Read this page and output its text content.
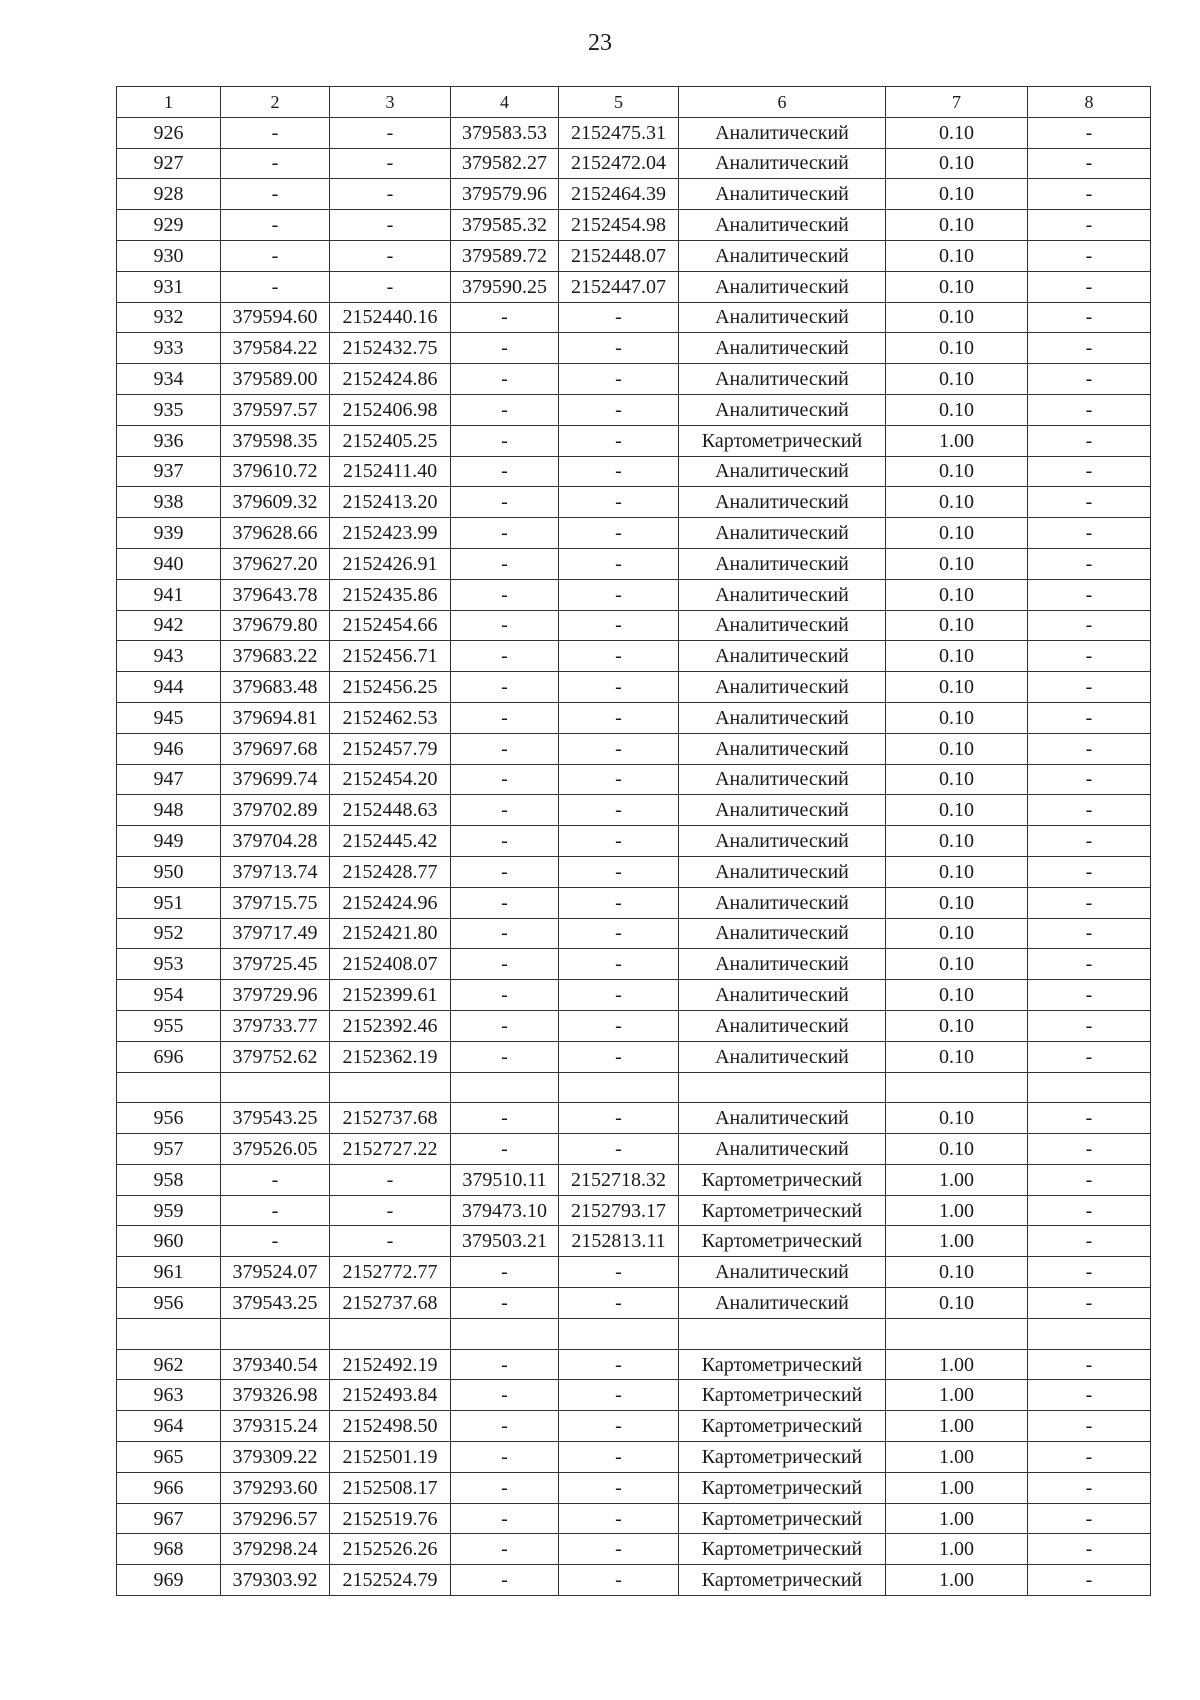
23
1	2	3	4	5	6	7	8
926	-	-	379583.53	2152475.31	Аналитический	0.10	-
927	-	-	379582.27	2152472.04	Аналитический	0.10	-
928	-	-	379579.96	2152464.39	Аналитический	0.10	-
929	-	-	379585.32	2152454.98	Аналитический	0.10	-
930	-	-	379589.72	2152448.07	Аналитический	0.10	-
931	-	-	379590.25	2152447.07	Аналитический	0.10	-
932	379594.60	2152440.16	-	-	Аналитический	0.10	-
933	379584.22	2152432.75	-	-	Аналитический	0.10	-
934	379589.00	2152424.86	-	-	Аналитический	0.10	-
935	379597.57	2152406.98	-	-	Аналитический	0.10	-
936	379598.35	2152405.25	-	-	Картометрический	1.00	-
937	379610.72	2152411.40	-	-	Аналитический	0.10	-
938	379609.32	2152413.20	-	-	Аналитический	0.10	-
939	379628.66	2152423.99	-	-	Аналитический	0.10	-
940	379627.20	2152426.91	-	-	Аналитический	0.10	-
941	379643.78	2152435.86	-	-	Аналитический	0.10	-
942	379679.80	2152454.66	-	-	Аналитический	0.10	-
943	379683.22	2152456.71	-	-	Аналитический	0.10	-
944	379683.48	2152456.25	-	-	Аналитический	0.10	-
945	379694.81	2152462.53	-	-	Аналитический	0.10	-
946	379697.68	2152457.79	-	-	Аналитический	0.10	-
947	379699.74	2152454.20	-	-	Аналитический	0.10	-
948	379702.89	2152448.63	-	-	Аналитический	0.10	-
949	379704.28	2152445.42	-	-	Аналитический	0.10	-
950	379713.74	2152428.77	-	-	Аналитический	0.10	-
951	379715.75	2152424.96	-	-	Аналитический	0.10	-
952	379717.49	2152421.80	-	-	Аналитический	0.10	-
953	379725.45	2152408.07	-	-	Аналитический	0.10	-
954	379729.96	2152399.61	-	-	Аналитический	0.10	-
955	379733.77	2152392.46	-	-	Аналитический	0.10	-
696	379752.62	2152362.19	-	-	Аналитический	0.10	-

956	379543.25	2152737.68	-	-	Аналитический	0.10	-
957	379526.05	2152727.22	-	-	Аналитический	0.10	-
958	-	-	379510.11	2152718.32	Картометрический	1.00	-
959	-	-	379473.10	2152793.17	Картометрический	1.00	-
960	-	-	379503.21	2152813.11	Картометрический	1.00	-
961	379524.07	2152772.77	-	-	Аналитический	0.10	-
956	379543.25	2152737.68	-	-	Аналитический	0.10	-

962	379340.54	2152492.19	-	-	Картометрический	1.00	-
963	379326.98	2152493.84	-	-	Картометрический	1.00	-
964	379315.24	2152498.50	-	-	Картометрический	1.00	-
965	379309.22	2152501.19	-	-	Картометрический	1.00	-
966	379293.60	2152508.17	-	-	Картометрический	1.00	-
967	379296.57	2152519.76	-	-	Картометрический	1.00	-
968	379298.24	2152526.26	-	-	Картометрический	1.00	-
969	379303.92	2152524.79	-	-	Картометрический	1.00	-
